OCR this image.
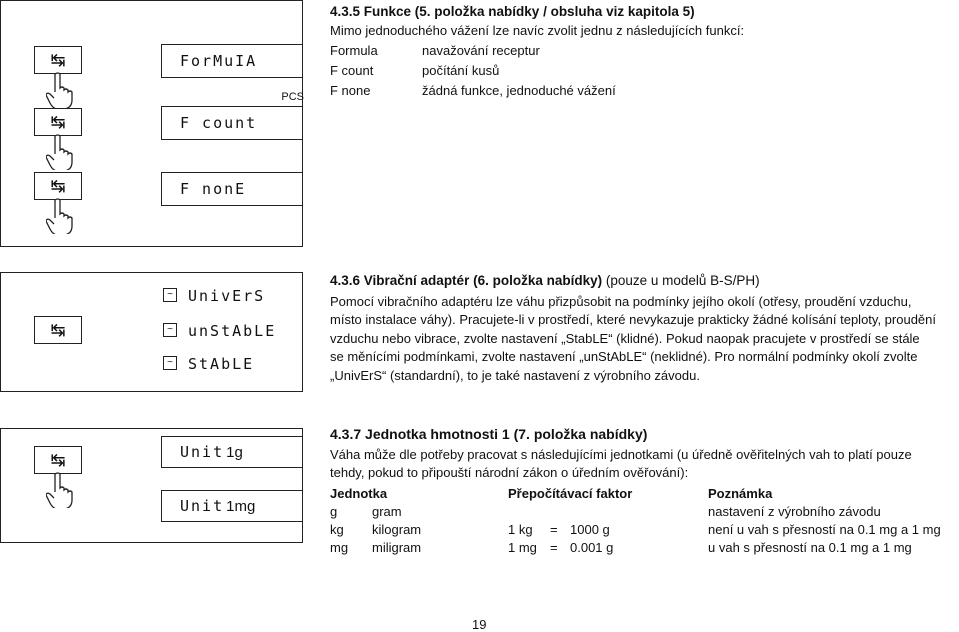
↹	ForMuIA
↹	F count
PCS
↹	F nonE
4.3.5 Funkce (5. položka nabídky / obsluha viz kapitola 5)
Mimo jednoduchého vážení lze navíc zvolit jednu z následujících funkcí:
Formula	navažování receptur
F count	počítání kusů
F none	žádná funkce, jednoduché vážení
↹
~ UnivErS
~ unStAbLE
~ StAbLE
4.3.6 Vibrační adaptér (6. položka nabídky) (pouze u modelů B-S/PH)
Pomocí vibračního adaptéru lze váhu přizpůsobit na podmínky jejího okolí (otřesy, proudění vzduchu,
místo instalace váhy). Pracujete-li v prostředí, které nevykazuje prakticky žádné kolísání teploty, proudění
vzduchu nebo vibrace, zvolte nastavení „StabLE“ (klidné). Pokud naopak pracujete v prostředí se stále
se měnícími podmínkami, zvolte nastavení „unStAbLE“ (neklidné). Pro normální podmínky okolí zvolte
„UnivErS“ (standardní), to je také nastavení z výrobního závodu.
↹	Unit 1g
Unit 1mg
4.3.7 Jednotka hmotnosti 1 (7. položka nabídky)
Váha může dle potřeby pracovat s následujícími jednotkami (u úředně ověřitelných vah to platí pouze
tehdy, pokud to připouští národní zákon o úředním ověřování):
Jednotka		Přepočítávací faktor			Poznámka
g	gram				nastavení z výrobního závodu
kg	kilogram	1 kg	=	1000 g	není u vah s přesností na 0.1 mg a 1 mg
mg	miligram	1 mg	=	0.001 g	u vah s přesností na 0.1 mg a 1 mg
19
